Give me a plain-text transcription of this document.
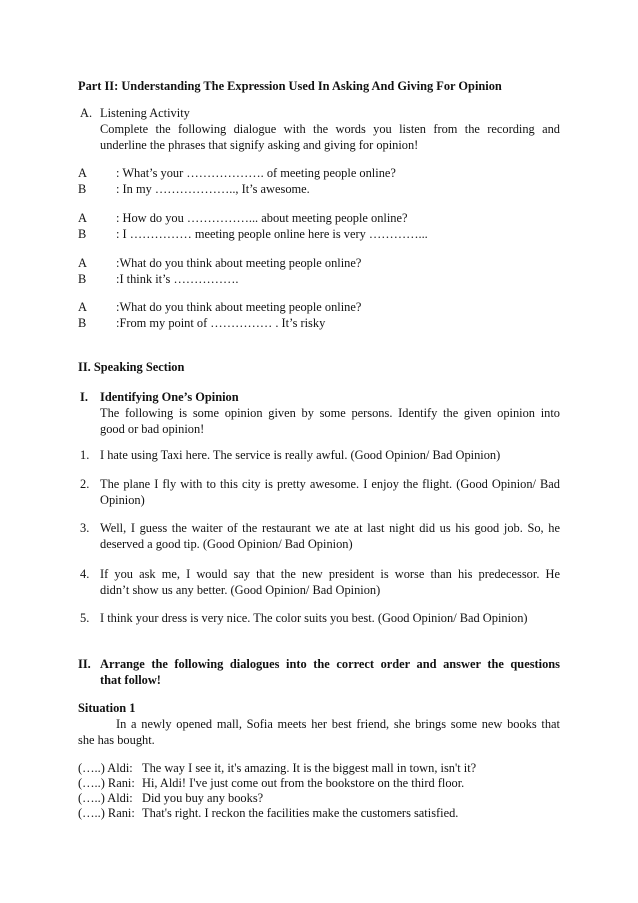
Part II: Understanding The Expression Used In Asking And Giving For Opinion
A. Listening Activity
Complete the following dialogue with the words you listen from the recording and
underline the phrases that signify asking and giving for opinion!
A : What’s your ………………. of meeting people online?
B : In my ……………….., It’s awesome.
A : How do you ……………... about meeting people online?
B : I …………… meeting people online here is very …………...
A :What do you think about meeting people online?
B :I think it’s …………….
A :What do you think about meeting people online?
B :From my point of …………… . It’s risky
II. Speaking Section
I. Identifying One’s Opinion
The following is some opinion given by some persons. Identify the given opinion into
good or bad opinion!
1. I hate using Taxi here. The service is really awful. (Good Opinion/ Bad Opinion)
2. The plane I fly with to this city is pretty awesome. I enjoy the flight. (Good Opinion/ Bad
Opinion)
3. Well, I guess the waiter of the restaurant we ate at last night did us his good job. So, he
deserved a good tip. (Good Opinion/ Bad Opinion)
4. If you ask me, I would say that the new president is worse than his predecessor. He
didn’t show us any better. (Good Opinion/ Bad Opinion)
5. I think your dress is very nice. The color suits you best. (Good Opinion/ Bad Opinion)
II. Arrange the following dialogues into the correct order and answer the questions
that follow!
Situation 1
In a newly opened mall, Sofia meets her best friend, she brings some new books that
she has bought.
(…..) Aldi: The way I see it, it's amazing. It is the biggest mall in town, isn't it?
(…..) Rani: Hi, Aldi! I've just come out from the bookstore on the third floor.
(…..) Aldi: Did you buy any books?
(…..) Rani: That's right. I reckon the facilities make the customers satisfied.
